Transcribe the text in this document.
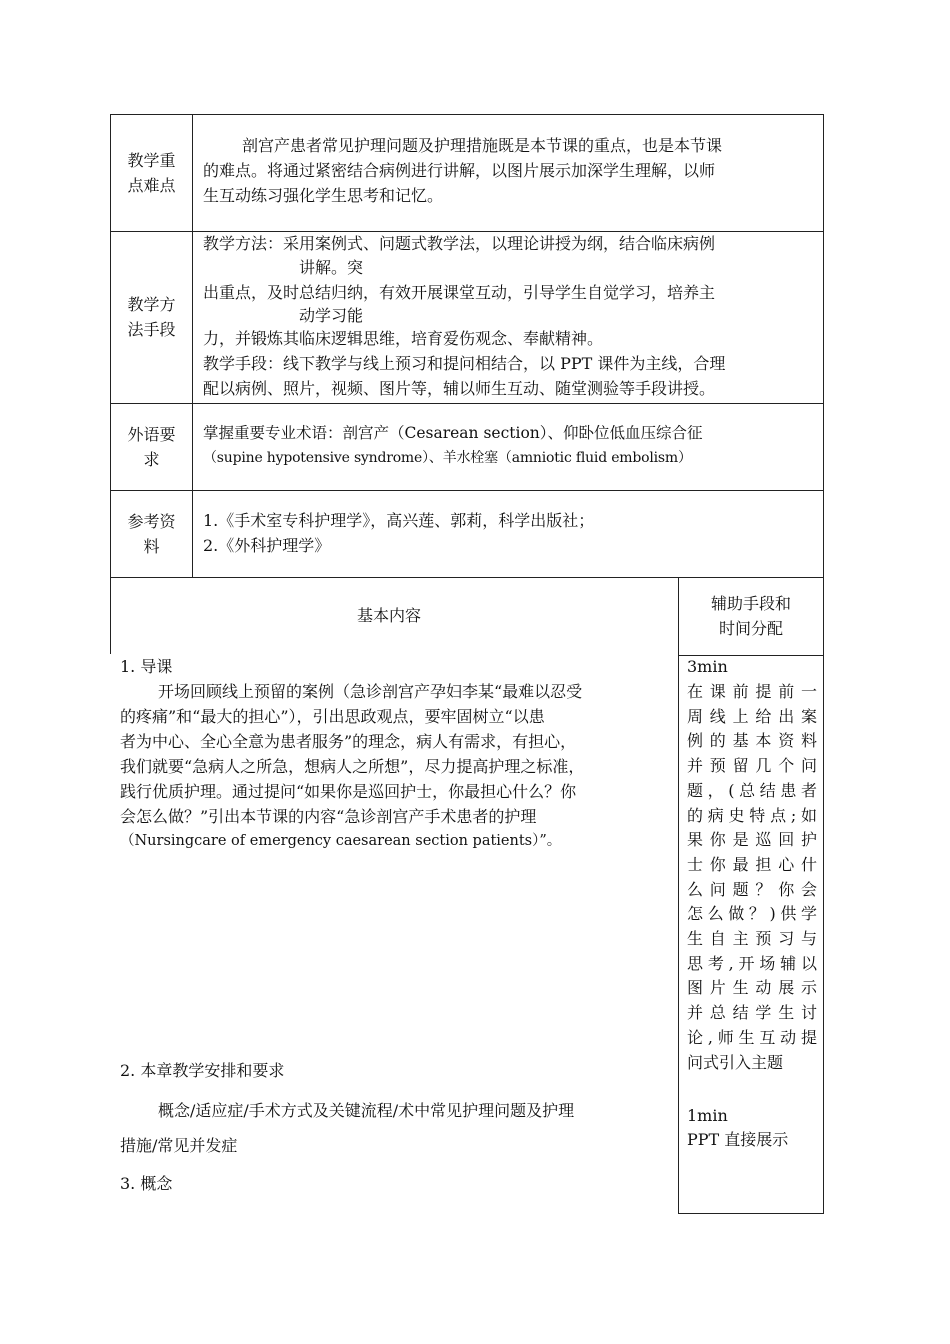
教学重
点难点
剖宫产患者常见护理问题及护理措施既是本节课的重点，也是本节课
的难点。将通过紧密结合病例进行讲解，以图片展示加深学生理解，以师
生互动练习强化学生思考和记忆。
教学方
法手段
教学方法：采用案例式、问题式教学法，以理论讲授为纲，结合临床病例
讲解。突
出重点，及时总结归纳，有效开展课堂互动，引导学生自觉学习，培养主
动学习能
力，并锻炼其临床逻辑思维，培育爱伤观念、奉献精神。
教学手段：线下教学与线上预习和提问相结合，以 PPT 课件为主线，合理
配以病例、照片，视频、图片等，辅以师生互动、随堂测验等手段讲授。
外语要
求
掌握重要专业术语：剖宫产（Cesarean section）、仰卧位低血压综合征
（supine hypotensive syndrome）、羊水栓塞（amniotic fluid embolism）
参考资
料
1.《手术室专科护理学》，高兴莲、郭莉，科学出版社；
2.《外科护理学》
基本内容
辅助手段和
时间分配
1. 导课
开场回顾线上预留的案例（急诊剖宫产孕妇李某“最难以忍受
的疼痛”和“最大的担心”），引出思政观点，要牢固树立“以患
者为中心、全心全意为患者服务”的理念，病人有需求，有担心，
我们就要“急病人之所急，想病人之所想”，尽力提高护理之标准，
践行优质护理。通过提问“如果你是巡回护士，你最担心什么？你
会怎么做？”引出本节课的内容“急诊剖宫产手术患者的护理
（Nursingcare of emergency caesarean section patients）”。
2. 本章教学安排和要求
概念/适应症/手术方式及关键流程/术中常见护理问题及护理
措施/常见并发症
3. 概念
3min
在课前提前一
周线上给出案
例的基本资料
并预留几个问
题，(总结患者
的病史特点;如
果你是巡回护
士你最担心什
么问题？你会
怎么做？)供学
生自主预习与
思考,开场辅以
图片生动展示
并总结学生讨
论,师生互动提
问式引入主题
1min
PPT 直接展示
